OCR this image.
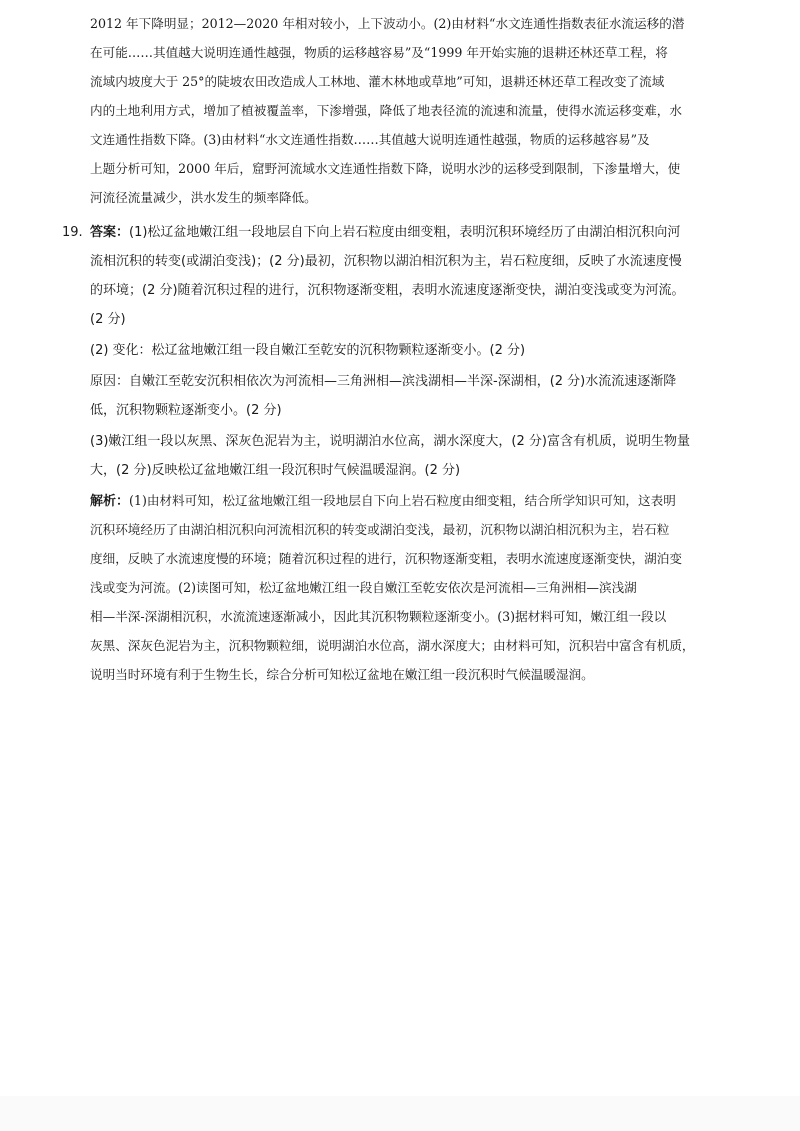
2012 年下降明显；2012—2020 年相对较小，上下波动小。(2)由材料“水文连通性指数表征水流运移的潜
在可能……其值越大说明连通性越强，物质的运移越容易”及“1999 年开始实施的退耕还林还草工程，将
流域内坡度大于 25°的陡坡农田改造成人工林地、灌木林地或草地”可知，退耕还林还草工程改变了流域
内的土地利用方式，增加了植被覆盖率，下渗增强，降低了地表径流的流速和流量，使得水流运移变难，水
文连通性指数下降。(3)由材料“水文连通性指数……其值越大说明连通性越强，物质的运移越容易”及
上题分析可知，2000 年后，窟野河流域水文连通性指数下降，说明水沙的运移受到限制，下渗量增大，使
河流径流量减少，洪水发生的频率降低。
19. 答案：(1)松辽盆地嫩江组一段地层自下向上岩石粒度由细变粗，表明沉积环境经历了由湖泊相沉积向河
流相沉积的转变(或湖泊变浅)；(2 分)最初，沉积物以湖泊相沉积为主，岩石粒度细，反映了水流速度慢
的环境；(2 分)随着沉积过程的进行，沉积物逐渐变粗，表明水流速度逐渐变快，湖泊变浅或变为河流。
(2 分)
(2) 变化：松辽盆地嫩江组一段自嫩江至乾安的沉积物颗粒逐渐变小。(2 分)
原因：自嫩江至乾安沉积相依次为河流相—三角洲相—滨浅湖相—半深-深湖相，(2 分)水流流速逐渐降
低，沉积物颗粒逐渐变小。(2 分)
(3)嫩江组一段以灰黑、深灰色泥岩为主，说明湖泊水位高，湖水深度大，(2 分)富含有机质，说明生物量
大，(2 分)反映松辽盆地嫩江组一段沉积时气候温暖湿润。(2 分)
解析：(1)由材料可知，松辽盆地嫩江组一段地层自下向上岩石粒度由细变粗，结合所学知识可知，这表明
沉积环境经历了由湖泊相沉积向河流相沉积的转变或湖泊变浅，最初，沉积物以湖泊相沉积为主，岩石粒
度细，反映了水流速度慢的环境；随着沉积过程的进行，沉积物逐渐变粗，表明水流速度逐渐变快，湖泊变
浅或变为河流。(2)读图可知，松辽盆地嫩江组一段自嫩江至乾安依次是河流相—三角洲相—滨浅湖
相—半深-深湖相沉积，水流流速逐渐减小，因此其沉积物颗粒逐渐变小。(3)据材料可知，嫩江组一段以
灰黑、深灰色泥岩为主，沉积物颗粒细，说明湖泊水位高，湖水深度大；由材料可知，沉积岩中富含有机质，
说明当时环境有利于生物生长，综合分析可知松辽盆地在嫩江组一段沉积时气候温暖湿润。
